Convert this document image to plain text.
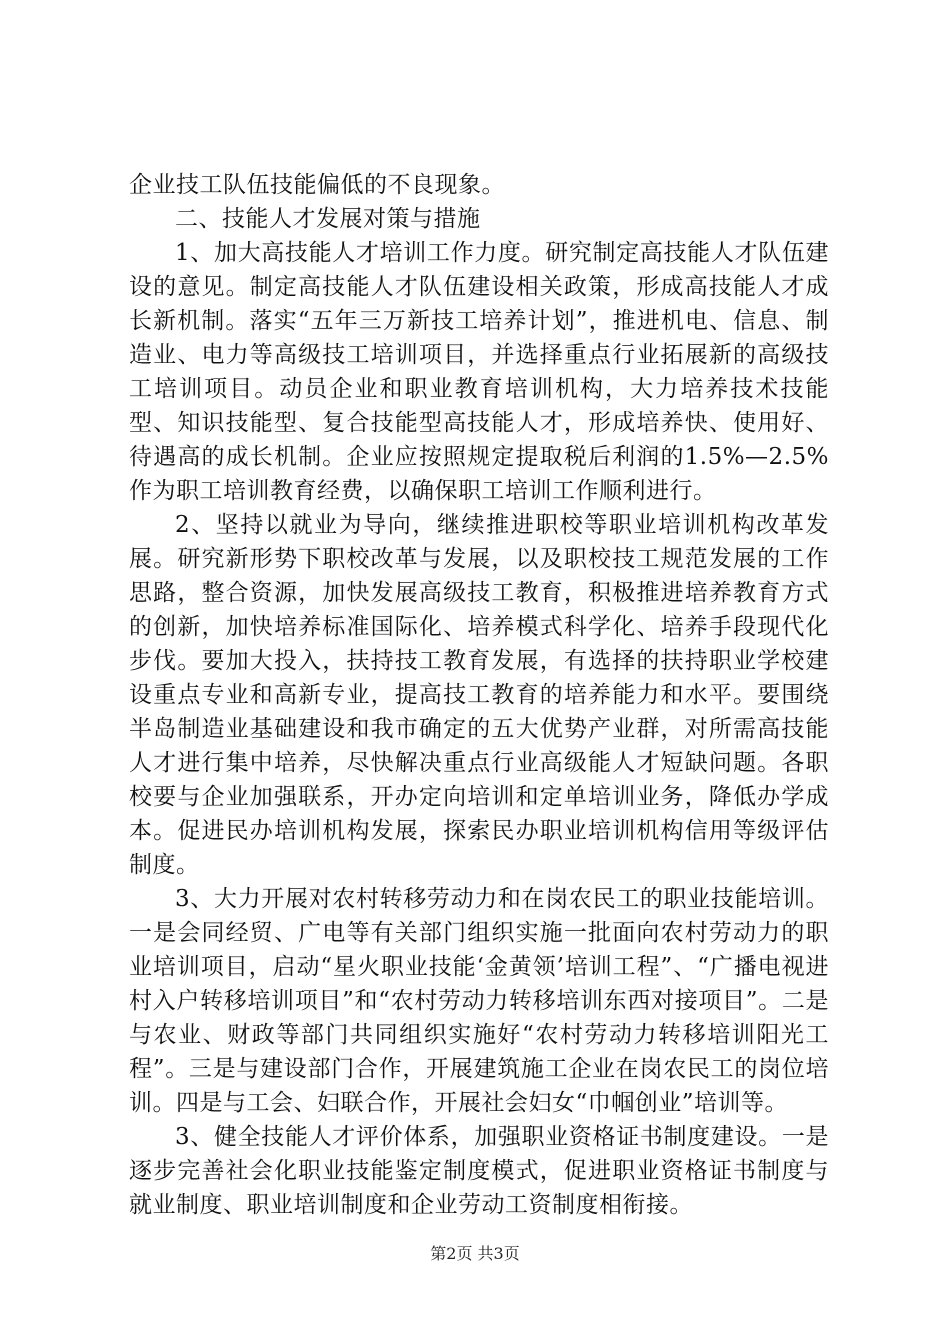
企业技工队伍技能偏低的不良现象。

二、技能人才发展对策与措施

1、加大高技能人才培训工作力度。研究制定高技能人才队伍建设的意见。制定高技能人才队伍建设相关政策，形成高技能人才成长新机制。落实“五年三万新技工培养计划”，推进机电、信息、制造业、电力等高级技工培训项目，并选择重点行业拓展新的高级技工培训项目。动员企业和职业教育培训机构，大力培养技术技能型、知识技能型、复合技能型高技能人才，形成培养快、使用好、待遇高的成长机制。企业应按照规定提取税后利润的1.5%—2.5%作为职工培训教育经费，以确保职工培训工作顺利进行。

2、坚持以就业为导向，继续推进职校等职业培训机构改革发展。研究新形势下职校改革与发展，以及职校技工规范发展的工作思路，整合资源，加快发展高级技工教育，积极推进培养教育方式的创新，加快培养标准国际化、培养模式科学化、培养手段现代化步伐。要加大投入，扶持技工教育发展，有选择的扶持职业学校建设重点专业和高新专业，提高技工教育的培养能力和水平。要围绕半岛制造业基础建设和我市确定的五大优势产业群，对所需高技能人才进行集中培养，尽快解决重点行业高级能人才短缺问题。各职校要与企业加强联系，开办定向培训和定单培训业务，降低办学成本。促进民办培训机构发展，探索民办职业培训机构信用等级评估制度。

3、大力开展对农村转移劳动力和在岗农民工的职业技能培训。一是会同经贸、广电等有关部门组织实施一批面向农村劳动力的职业培训项目，启动“星火职业技能‘金黄领’培训工程”、“广播电视进村入户转移培训项目”和“农村劳动力转移培训东西对接项目”。二是与农业、财政等部门共同组织实施好“农村劳动力转移培训阳光工程”。三是与建设部门合作，开展建筑施工企业在岗农民工的岗位培训。四是与工会、妇联合作，开展社会妇女“巾帼创业”培训等。

3、健全技能人才评价体系，加强职业资格证书制度建设。一是逐步完善社会化职业技能鉴定制度模式，促进职业资格证书制度与就业制度、职业培训制度和企业劳动工资制度相衔接。

第2页 共3页
